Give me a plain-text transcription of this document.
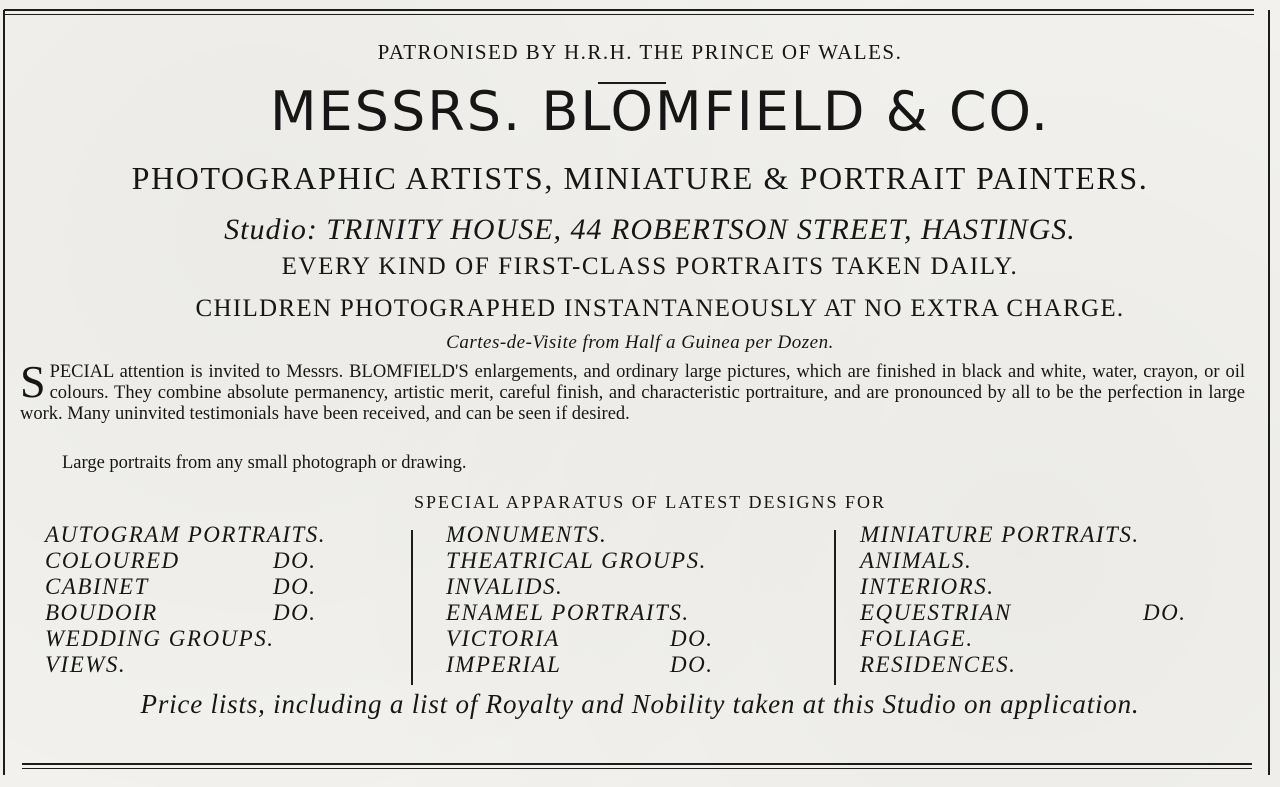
PATRONISED BY H.R.H. THE PRINCE OF WALES.
MESSRS. BLOMFIELD & CO.
PHOTOGRAPHIC ARTISTS, MINIATURE & PORTRAIT PAINTERS.
Studio: TRINITY HOUSE, 44 ROBERTSON STREET, HASTINGS.
EVERY KIND OF FIRST-CLASS PORTRAITS TAKEN DAILY.
CHILDREN PHOTOGRAPHED INSTANTANEOUSLY AT NO EXTRA CHARGE.
Cartes-de-Visite from Half a Guinea per Dozen.
SPECIAL attention is invited to Messrs. BLOMFIELD'S enlargements, and ordinary large pictures, which are finished in black and white, water, crayon, or oil colours. They combine absolute permanency, artistic merit, careful finish, and characteristic portraiture, and are pronounced by all to be the perfection in large work. Many uninvited testimonials have been received, and can be seen if desired.
Large portraits from any small photograph or drawing.
SPECIAL APPARATUS OF LATEST DESIGNS FOR
AUTOGRAM PORTRAITS.
COLOURED	DO.
CABINET	DO.
BOUDOIR	DO.
WEDDING GROUPS.
VIEWS.
MONUMENTS.
THEATRICAL GROUPS.
INVALIDS.
ENAMEL PORTRAITS.
VICTORIA	DO.
IMPERIAL	DO.
MINIATURE PORTRAITS.
ANIMALS.
INTERIORS.
EQUESTRIAN	DO.
FOLIAGE.
RESIDENCES.
Price lists, including a list of Royalty and Nobility taken at this Studio on application.
